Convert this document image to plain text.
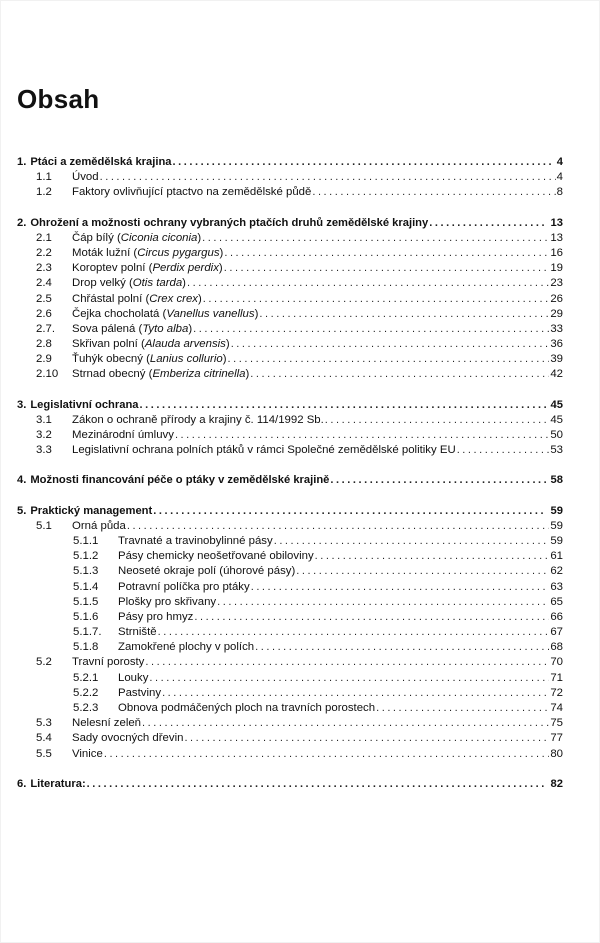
Obsah
1. Ptáci a zemědělská krajina . . .	4
1.1	Úvod . . .	4
1.2	Faktory ovlivňující ptactvo na zemědělské půdě . . .	8
2. Ohrožení a možnosti ochrany vybraných ptačích druhů zemědělské krajiny . . .	13
2.1	Čáp bílý (Ciconia ciconia) . . .	13
2.2	Moták lužní (Circus pygargus) . . .	16
2.3	Koroptev polní (Perdix perdix) . . .	19
2.4	Drop velký (Otis tarda) . . .	23
2.5	Chřástal polní (Crex crex) . . .	26
2.6	Čejka chocholatá (Vanellus vanellus) . . .	29
2.7.	Sova pálená (Tyto alba) . . .	33
2.8	Skřivan polní (Alauda arvensis) . . .	36
2.9	Ťuhýk obecný (Lanius collurio) . . .	39
2.10	Strnad obecný (Emberiza citrinella) . . .	42
3. Legislativní ochrana . . .	45
3.1	Zákon o ochraně přírody a krajiny č. 114/1992 Sb. . . .	45
3.2	Mezinárodní úmluvy . . .	50
3.3	Legislativní ochrana polních ptáků v rámci Společné zemědělské politiky EU . . .	53
4. Možnosti financování péče o ptáky v zemědělské krajině . . .	58
5. Praktický management . . .	59
5.1	Orná půda . . .	59
5.1.1	Travnaté a travinobylinné pásy . . .	59
5.1.2	Pásy chemicky neošetřované obiloviny . . .	61
5.1.3	Neoseté okraje polí (úhorové pásy) . . .	62
5.1.4	Potravní políčka pro ptáky . . .	63
5.1.5	Plošky pro skřivany . . .	65
5.1.6	Pásy pro hmyz . . .	66
5.1.7.	Strniště . . .	67
5.1.8	Zamokřené plochy v polích . . .	68
5.2	Travní porosty . . .	70
5.2.1	Louky . . .	71
5.2.2	Pastviny . . .	72
5.2.3	Obnova podmáčených ploch na travních porostech . . .	74
5.3	Nelesní zeleň . . .	75
5.4	Sady ovocných dřevin . . .	77
5.5	Vinice . . .	80
6. Literatura: . . .	82
